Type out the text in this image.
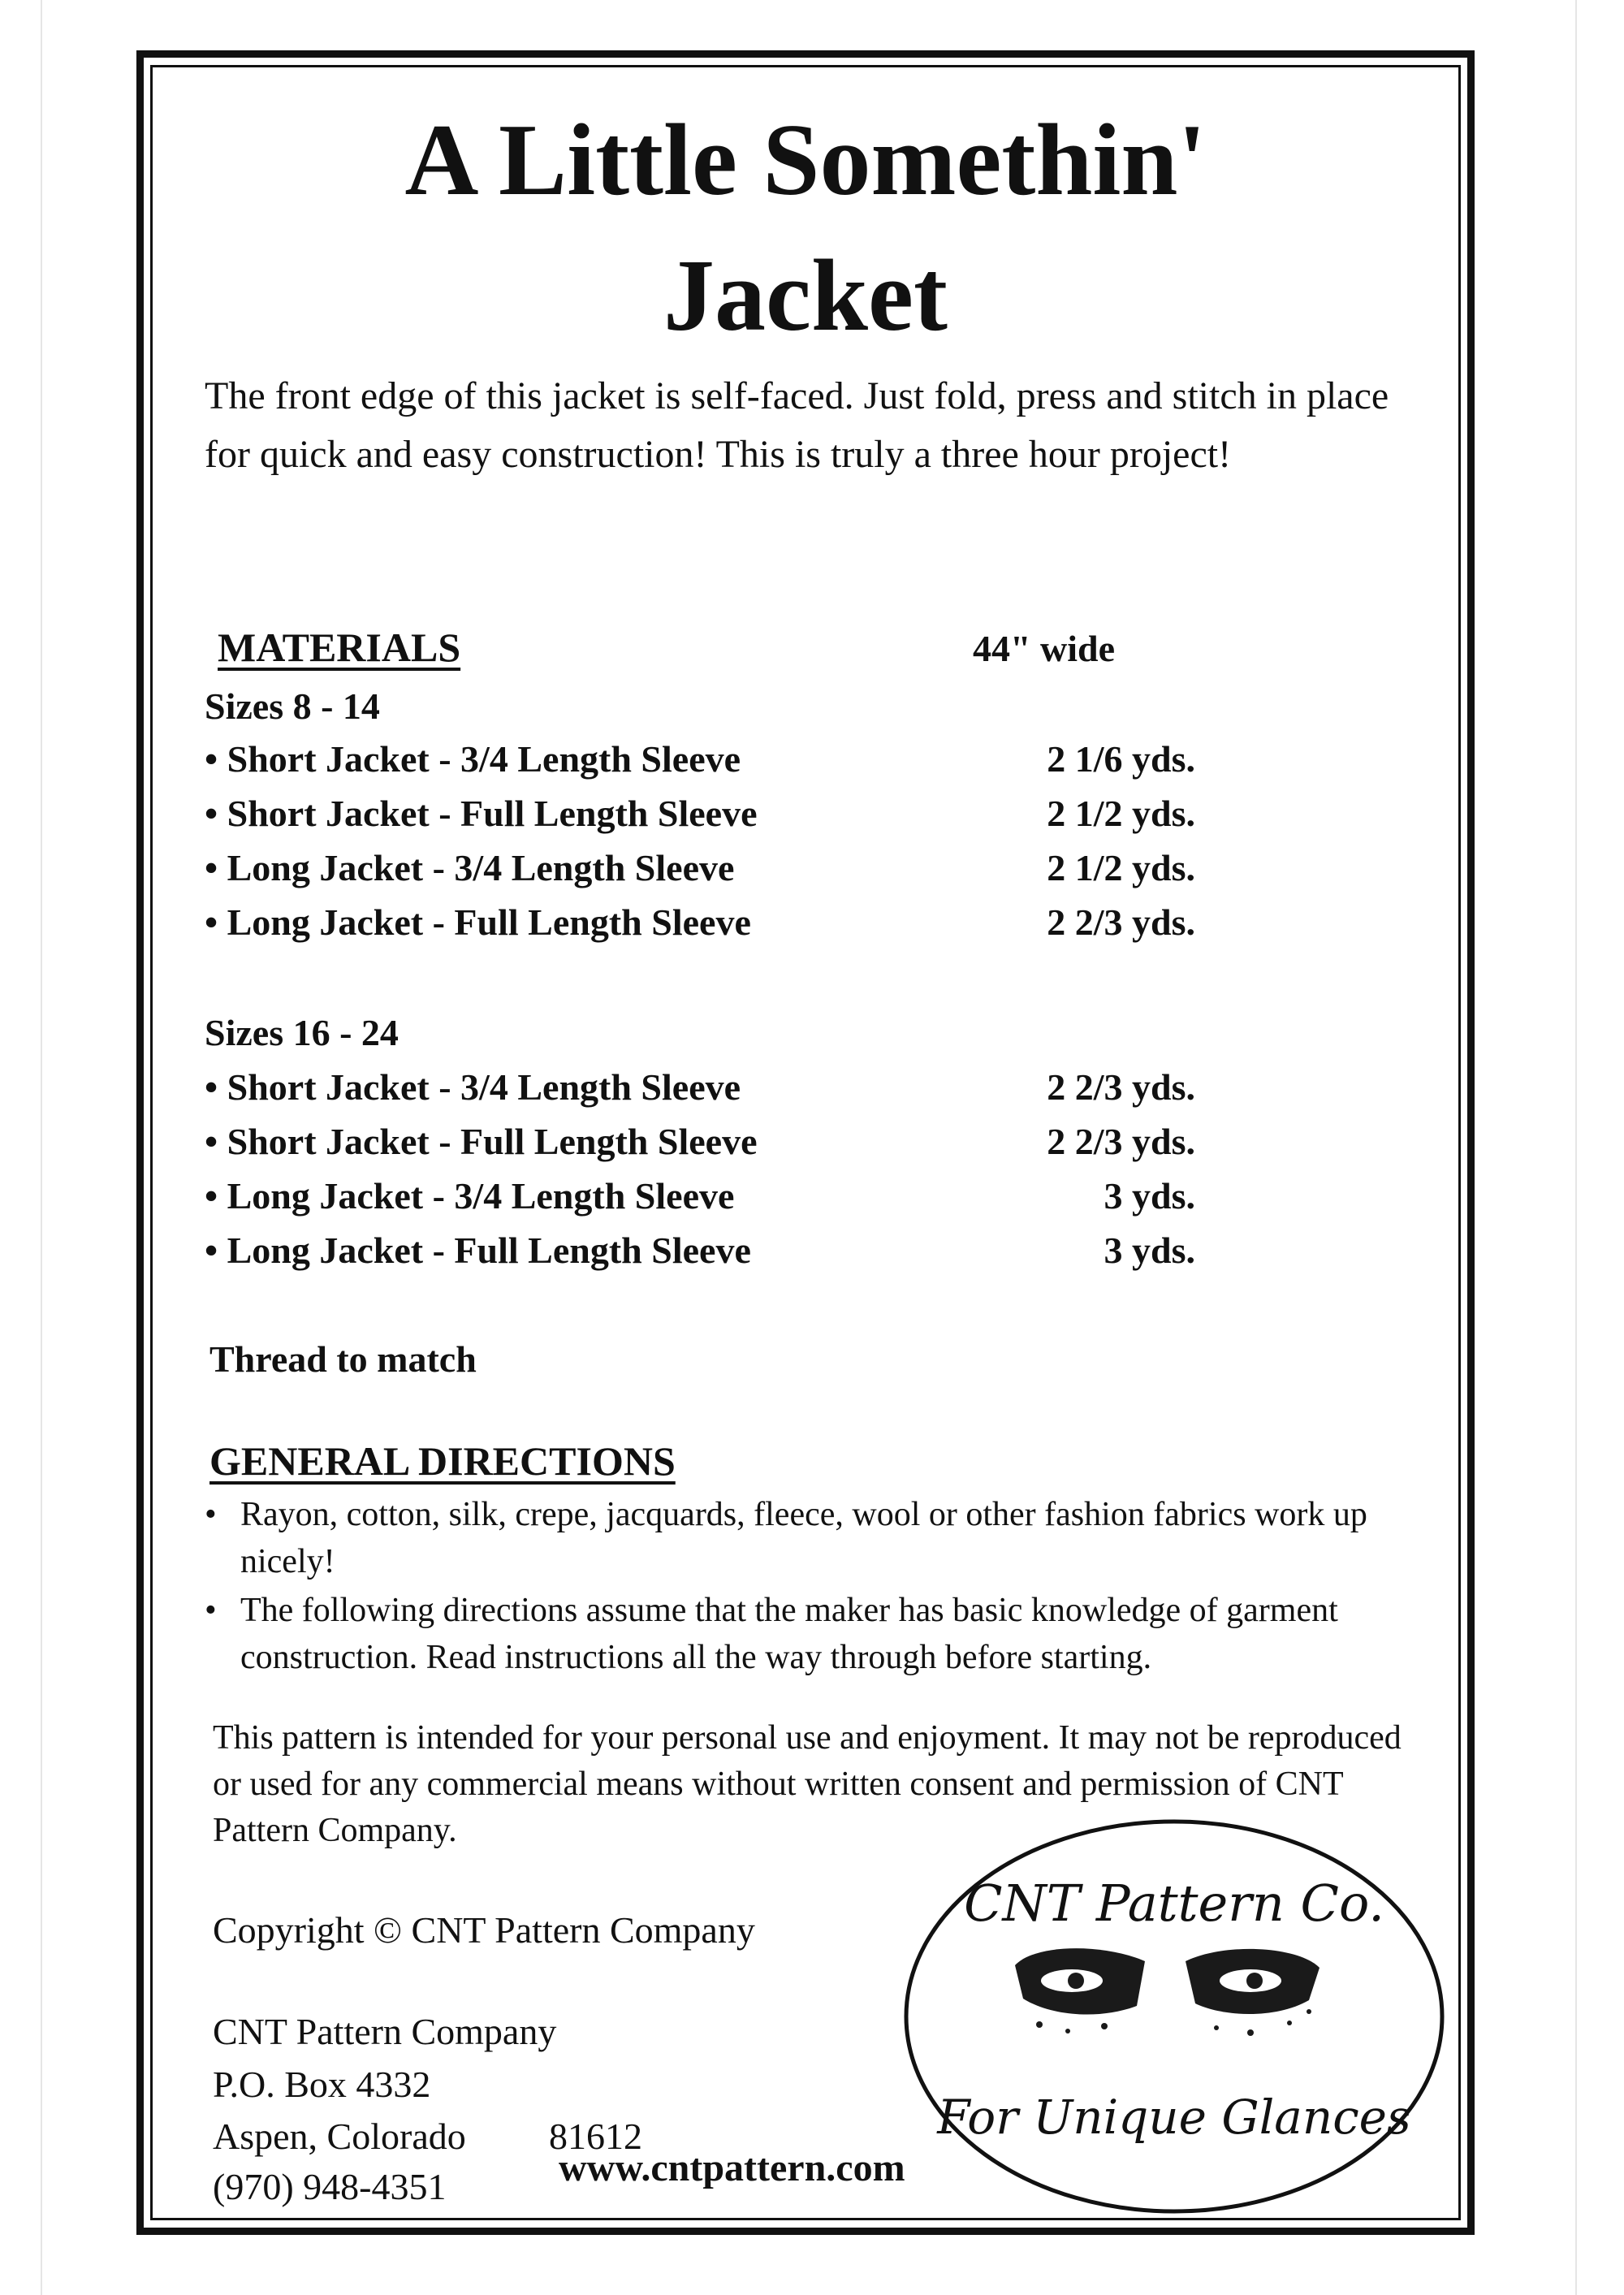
A Little Somethin'
Jacket

The front edge of this jacket is self-faced. Just fold, press and stitch in place for quick and easy construction! This is truly a three hour project!

MATERIALS	44" wide
Sizes 8 - 14
• Short Jacket - 3/4 Length Sleeve	2 1/6 yds.
• Short Jacket - Full Length Sleeve	2 1/2 yds.
• Long Jacket - 3/4 Length Sleeve	2 1/2 yds.
• Long Jacket - Full Length Sleeve	2 2/3 yds.
Sizes 16 - 24
• Short Jacket - 3/4 Length Sleeve	2 2/3 yds.
• Short Jacket - Full Length Sleeve	2 2/3 yds.
• Long Jacket - 3/4 Length Sleeve	3 yds.
• Long Jacket - Full Length Sleeve	3 yds.
Thread to match
GENERAL DIRECTIONS
• Rayon, cotton, silk, crepe, jacquards, fleece, wool or other fashion fabrics work up nicely!
• The following directions assume that the maker has basic knowledge of garment construction. Read instructions all the way through before starting.

This pattern is intended for your personal use and enjoyment. It may not be reproduced or used for any commercial means without written consent and permission of CNT Pattern Company.

Copyright © CNT Pattern Company
CNT Pattern Company
P.O. Box 4332
Aspen, Colorado 81612
(970) 948-4351	www.cntpattern.com
CNT Pattern Co.
For Unique Glances
